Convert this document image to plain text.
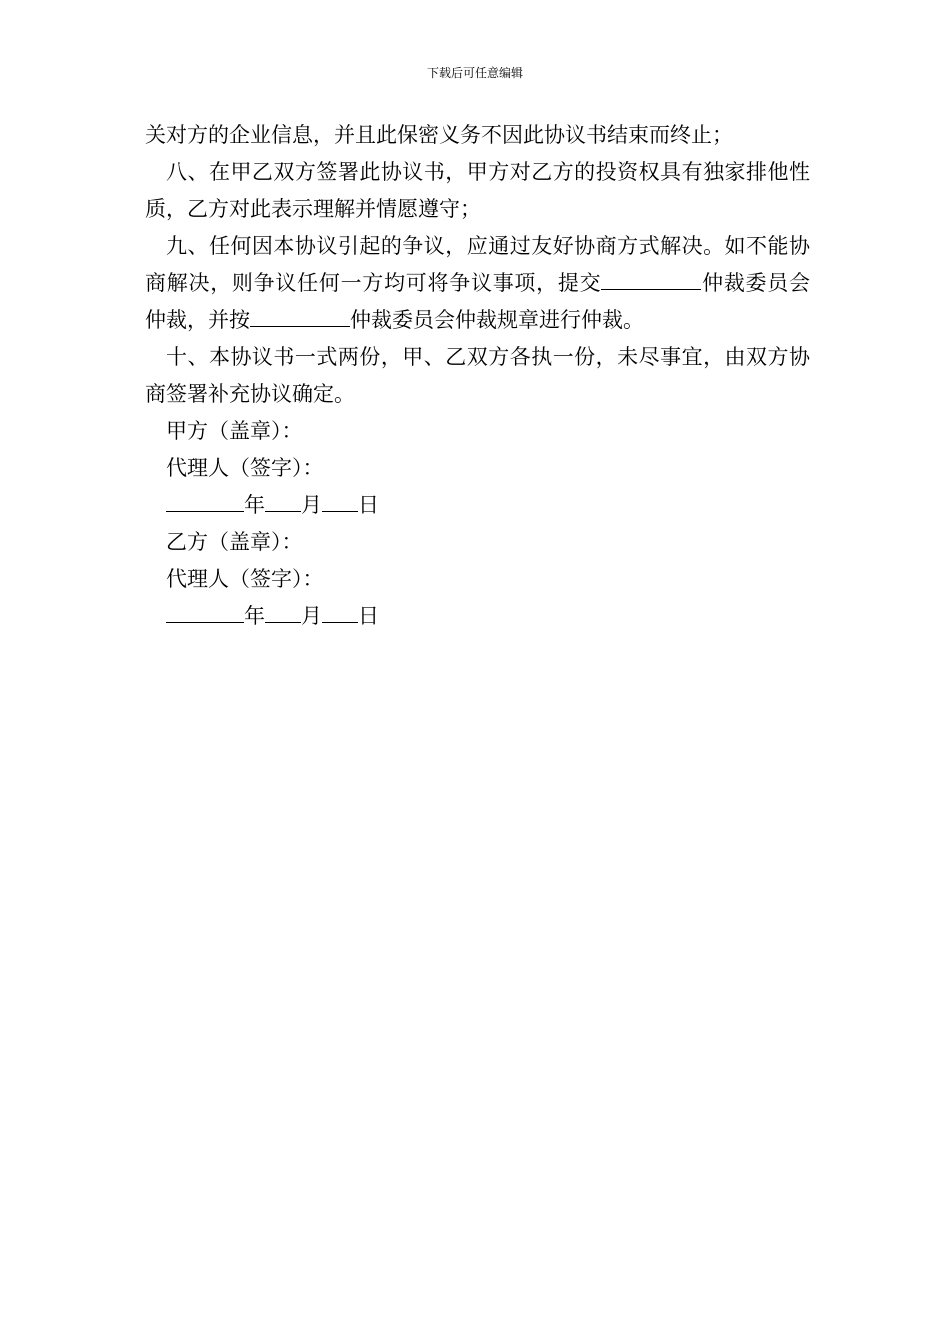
下载后可任意编辑

关对方的企业信息，并且此保密义务不因此协议书结束而终止；

八、在甲乙双方签署此协议书，甲方对乙方的投资权具有独家排他性质，乙方对此表示理解并情愿遵守；

九、任何因本协议引起的争议，应通过友好协商方式解决。如不能协商解决，则争议任何一方均可将争议事项，提交	仲裁委员会仲裁，并按	仲裁委员会仲裁规章进行仲裁。

十、本协议书一式两份，甲、乙双方各执一份，未尽事宜，由双方协商签署补充协议确定。

甲方（盖章）：

代理人（签字）：

年 月 日

乙方（盖章）：

代理人（签字）：

年 月 日
